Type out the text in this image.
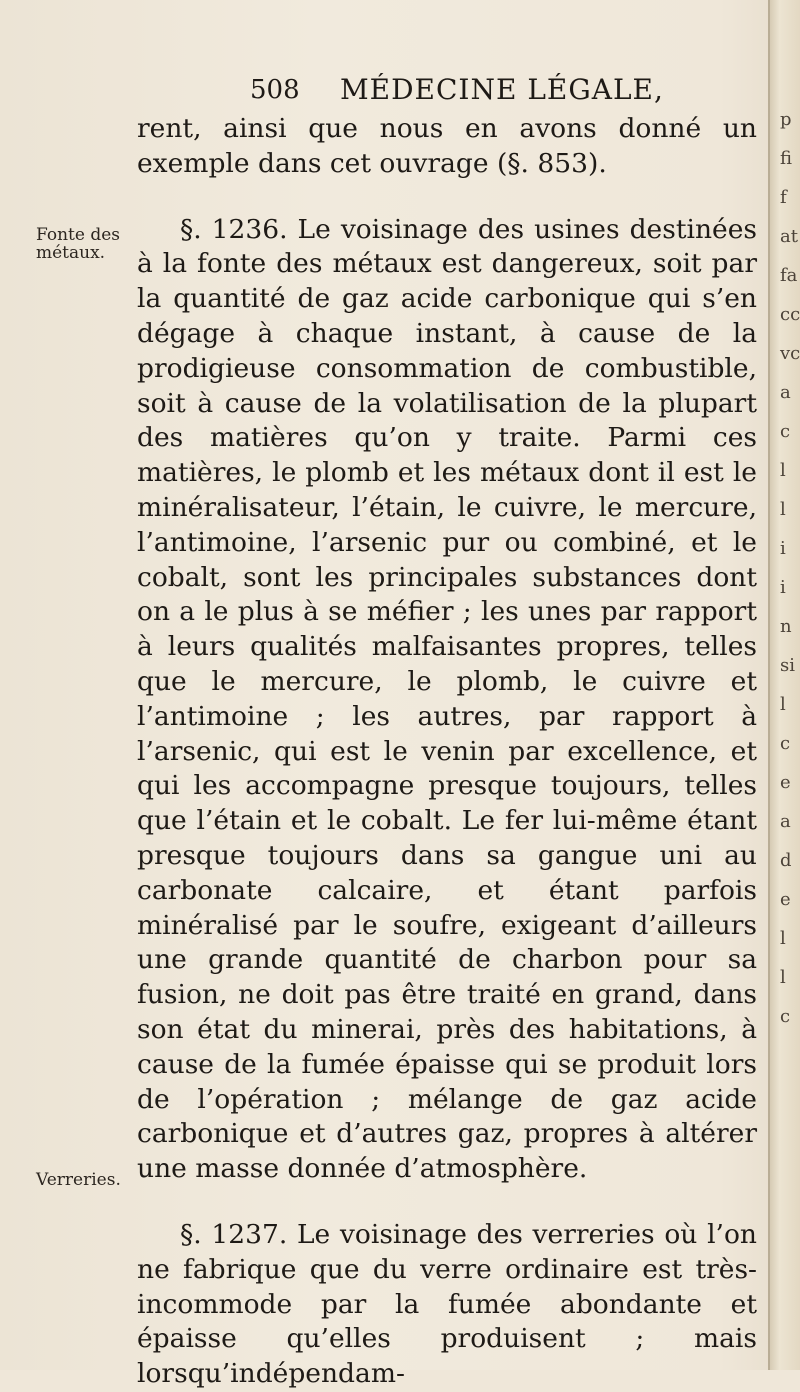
508 MÉDECINE LÉGALE,
Fonte des métaux.
Verreries.

rent, ainsi que nous en avons donné un exemple dans cet ouvrage (§. 853).

§. 1236. Le voisinage des usines destinées à la fonte des métaux est dangereux, soit par la quantité de gaz acide carbonique qui s’en dégage à chaque instant, à cause de la prodigieuse consommation de combustible, soit à cause de la volatilisation de la plupart des matières qu’on y traite. Parmi ces matières, le plomb et les métaux dont il est le minéralisateur, l’étain, le cuivre, le mercure, l’antimoine, l’arsenic pur ou combiné, et le cobalt, sont les principales substances dont on a le plus à se méfier ; les unes par rapport à leurs qualités malfaisantes propres, telles que le mercure, le plomb, le cuivre et l’antimoine ; les autres, par rapport à l’arsenic, qui est le venin par excellence, et qui les accompagne presque toujours, telles que l’étain et le cobalt. Le fer lui-même étant presque toujours dans sa gangue uni au carbonate calcaire, et étant parfois minéralisé par le soufre, exigeant d’ailleurs une grande quantité de charbon pour sa fusion, ne doit pas être traité en grand, dans son état du minerai, près des habitations, à cause de la fumée épaisse qui se produit lors de l’opération ; mélange de gaz acide carbonique et d’autres gaz, propres à altérer une masse donnée d’atmosphère.

§. 1237. Le voisinage des verreries où l’on ne fabrique que du verre ordinaire est très-incommode par la fumée abondante et épaisse qu’elles produisent ; mais lorsqu’indépendam-

p
fi
f
at
fa
cc
vc
a
c
l
l
i
i
n
si
l
c
e
a
d
e
l
l
c
